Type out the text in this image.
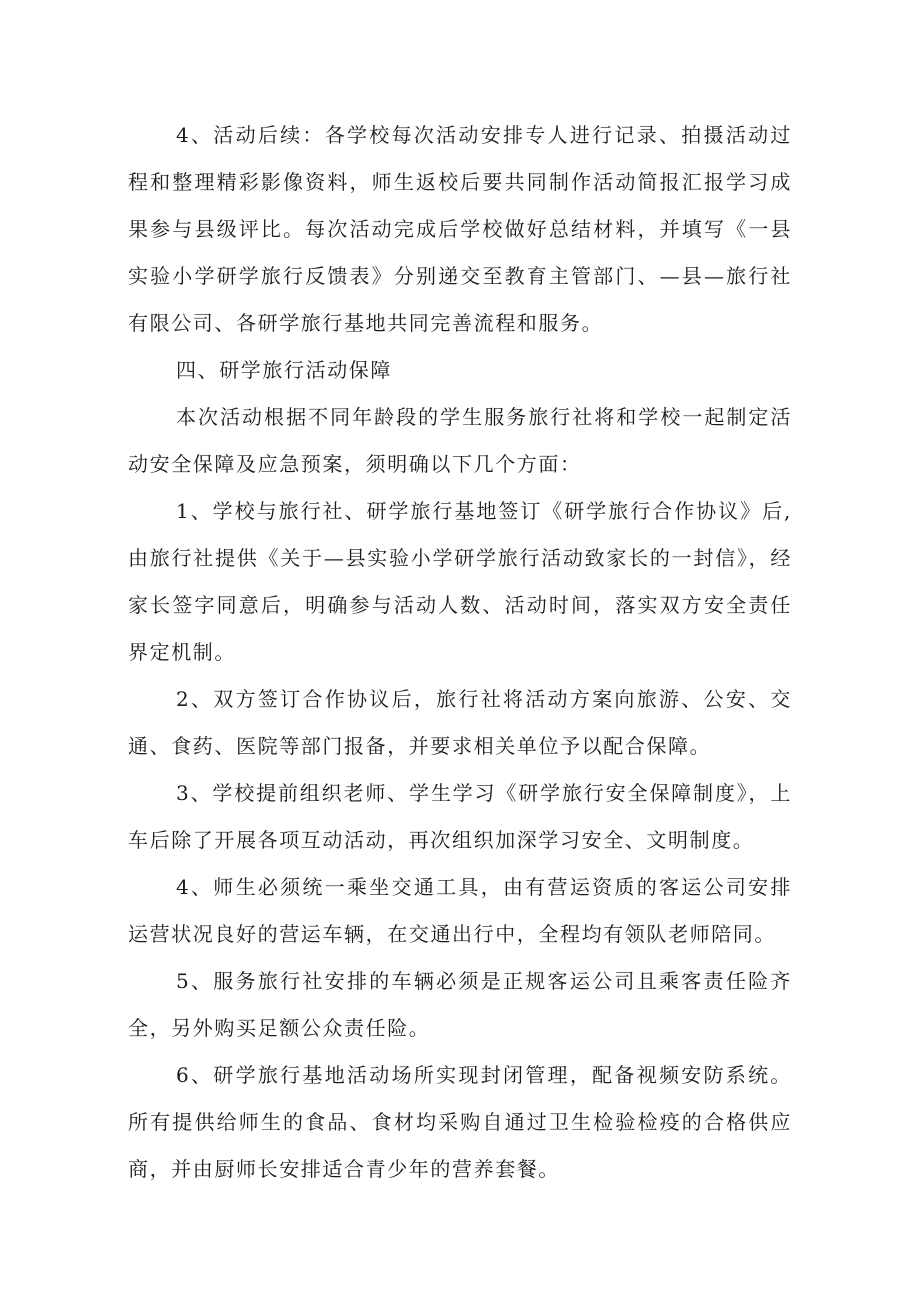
4、活动后续：各学校每次活动安排专人进行记录、拍摄活动过程和整理精彩影像资料，师生返校后要共同制作活动简报汇报学习成果参与县级评比。每次活动完成后学校做好总结材料，并填写《一县实验小学研学旅行反馈表》分别递交至教育主管部门、—县—旅行社有限公司、各研学旅行基地共同完善流程和服务。

四、研学旅行活动保障

本次活动根据不同年龄段的学生服务旅行社将和学校一起制定活动安全保障及应急预案，须明确以下几个方面：

1、学校与旅行社、研学旅行基地签订《研学旅行合作协议》后,由旅行社提供《关于—县实验小学研学旅行活动致家长的一封信》，经家长签字同意后，明确参与活动人数、活动时间，落实双方安全责任界定机制。

2、双方签订合作协议后，旅行社将活动方案向旅游、公安、交通、食药、医院等部门报备，并要求相关单位予以配合保障。

3、学校提前组织老师、学生学习《研学旅行安全保障制度》，上车后除了开展各项互动活动，再次组织加深学习安全、文明制度。

4、师生必须统一乘坐交通工具，由有营运资质的客运公司安排运营状况良好的营运车辆，在交通出行中，全程均有领队老师陪同。

5、服务旅行社安排的车辆必须是正规客运公司且乘客责任险齐全，另外购买足额公众责任险。

6、研学旅行基地活动场所实现封闭管理，配备视频安防系统。所有提供给师生的食品、食材均采购自通过卫生检验检疫的合格供应商，并由厨师长安排适合青少年的营养套餐。
